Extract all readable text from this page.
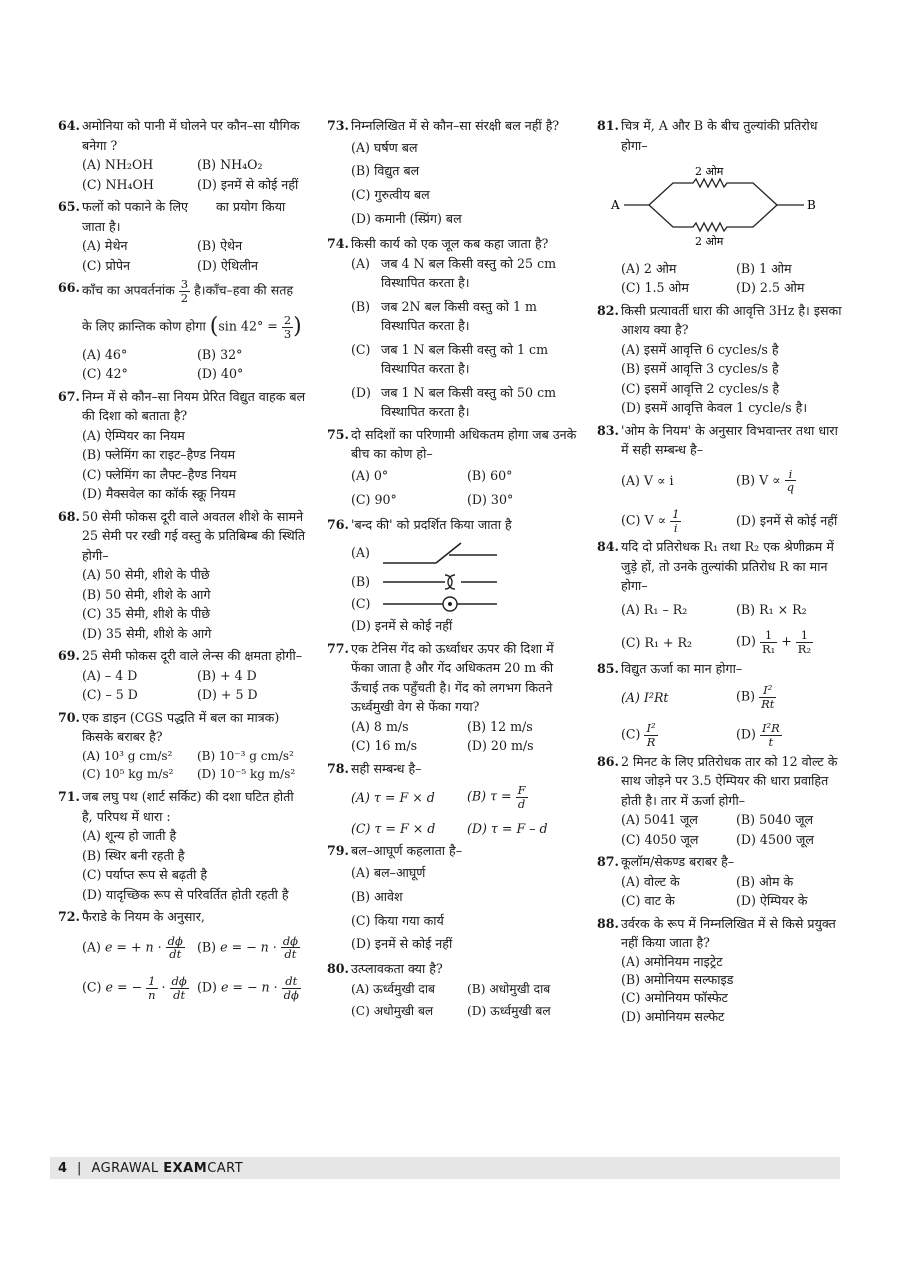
64. अमोनिया को पानी में घोलने पर कौन–सा यौगिक बनेगा ?
(A) NH₂OH	(B) NH₄O₂
(C) NH₄OH	(D) इनमें से कोई नहीं
65. फलों को पकाने के लिए       का प्रयोग किया जाता है।
(A) मेथेन	(B) ऐथेन
(C) प्रोपेन	(D) ऐथिलीन
66. काँच का अपवर्तनांक $\frac{3}{2}$ है।काँच–हवा की सतह
के लिए क्रान्तिक कोण होगा (sin $42^\circ = \frac{2}{3}$ )
(A) 46°	(B) 32°
(C) 42°	(D) 40°
67. निम्न में से कौन–सा नियम प्रेरित विद्युत वाहक बल की दिशा को बताता है?
(A) ऐम्पियर का नियम
(B) फ्लेमिंग का राइट–हैण्ड नियम
(C) फ्लेमिंग का लैफ्ट–हैण्ड नियम
(D) मैक्सवेल का कॉर्क स्क्रू नियम
68. 50 सेमी फोकस दूरी वाले अवतल शीशे के सामने 25 सेमी पर रखी गई वस्तु के प्रतिबिम्ब की स्थिति होगी–
(A) 50 सेमी, शीशे के पीछे
(B) 50 सेमी, शीशे के आगे
(C) 35 सेमी, शीशे के पीछे
(D) 35 सेमी, शीशे के आगे
69. 25 सेमी फोकस दूरी वाले लेन्स की क्षमता होगी–
(A) – 4 D	(B) + 4 D
(C) – 5 D	(D) + 5 D
70. एक डाइन (CGS पद्धति में बल का मात्रक) किसके बराबर है?
(A) 10³ g cm/s²	(B) 10⁻³ g cm/s²
(C) 10⁵ kg m/s²	(D) 10⁻⁵ kg m/s²
71. जब लघु पथ (शार्ट सर्किट) की दशा घटित होती है, परिपथ में धारा :
(A) शून्य हो जाती है
(B) स्थिर बनी रहती है
(C) पर्याप्त रूप से बढ़ती है
(D) यादृच्छिक रूप से परिवर्तित होती रहती है
72. फैराडे के नियम के अनुसार,
(A) e = + $n \cdot \frac{d\phi}{dt} (B) e$ = − $n \cdot \frac{d\phi}{dt}$
(C) e = − $\frac{1}{n} \cdot \frac{d\phi}{dt} (D) e$ = − $n \cdot \frac{dt}{d\phi}$
73. निम्नलिखित में से कौन–सा संरक्षी बल नहीं है?
(A) घर्षण बल
(B) विद्युत बल
(C) गुरुत्वीय बल
(D) कमानी (स्प्रिंग) बल
74. किसी कार्य को एक जूल कब कहा जाता है?
(A) जब 4 N बल किसी वस्तु को 25 cm विस्थापित करता है।
(B) जब 2N बल किसी वस्तु को 1 m विस्थापित करता है।
(C) जब 1 N बल किसी वस्तु को 1 cm विस्थापित करता है।
(D) जब 1 N बल किसी वस्तु को 50 cm विस्थापित करता है।
75. दो सदिशों का परिणामी अधिकतम होगा जब उनके बीच का कोण हो–
(A) 0°	(B) 60°
(C) 90°	(D) 30°
76. 'बन्द की' को प्रदर्शित किया जाता है
(A)
(B)
(C)
(D) इनमें से कोई नहीं
77. एक टेनिस गेंद को ऊर्ध्वाधर ऊपर की दिशा में फेंका जाता है और गेंद अधिकतम 20 m की ऊँचाई तक पहुँचती है। गेंद को लगभग कितने ऊर्ध्वमुखी वेग से फेंका गया?
(A) 8 m/s	(B) 12 m/s
(C) 16 m/s	(D) 20 m/s
78. सही सम्बन्ध है–
(A) τ = F × d	(B) $\tau = \frac{F}{d}$
(C) τ = F × d	(D) τ = F – d
79. बल–आघूर्ण कहलाता है–
(A) बल–आघूर्ण
(B) आवेश
(C) किया गया कार्य
(D) इनमें से कोई नहीं
80. उत्प्लावकता क्या है?
(A) ऊर्ध्वमुखी दाब	(B) अधोमुखी दाब
(C) अधोमुखी बल	(D) ऊर्ध्वमुखी बल
81. चित्र में, A और B के बीच तुल्यांकी प्रतिरोध होगा–
2 ओम
2 ओम
A	B
(A) 2 ओम	(B) 1 ओम
(C) 1.5 ओम	(D) 2.5 ओम
82. किसी प्रत्यावर्ती धारा की आवृत्ति 3Hz है। इसका आशय क्या है?
(A) इसमें आवृत्ति 6 cycles/s है
(B) इसमें आवृत्ति 3 cycles/s है
(C) इसमें आवृत्ति 2 cycles/s है
(D) इसमें आवृत्ति केवल 1 cycle/s है।
83. 'ओम के नियम' के अनुसार विभवान्तर तथा धारा में सही सम्बन्ध है–
(A) V ∝ i	(B) $V \propto \frac{i}{q}$
(C) $V \propto \frac{1}{i}$	(D) इनमें से कोई नहीं
84. यदि दो प्रतिरोधक R₁ तथा R₂ एक श्रेणीक्रम में जुड़े हों, तो उनके तुल्यांकी प्रतिरोध R का मान होगा–
(A) R₁ – R₂	(B) R₁ × R₂
(C) R₁ + R₂	$(D) \frac{1}{\text{R₁}} + \frac{1}{\text{R₂}}$
85. विद्युत ऊर्जा का मान होगा–
(A) I²Rt	$(B) \frac{\text{I²}}{Rt}$
$(C) \frac{\text{I²}}{R}$	$(D) \frac{\text{I²R}}{t}$
86. 2 मिनट के लिए प्रतिरोधक तार को 12 वोल्ट के साथ जोड़ने पर 3.5 ऐम्पियर की धारा प्रवाहित होती है। तार में ऊर्जा होगी–
(A) 5041 जूल	(B) 5040 जूल
(C) 4050 जूल	(D) 4500 जूल
87. कूलॉम/सेकण्ड बराबर है–
(A) वोल्ट के	(B) ओम के
(C) वाट के	(D) ऐम्पियर के
88. उर्वरक के रूप में निम्नलिखित में से किसे प्रयुक्त नहीं किया जाता है?
(A) अमोनियम नाइट्रेट
(B) अमोनियम सल्फाइड
(C) अमोनियम फॉस्फेट
(D) अमोनियम सल्फेट
4 | AGRAWAL EXAMCART
